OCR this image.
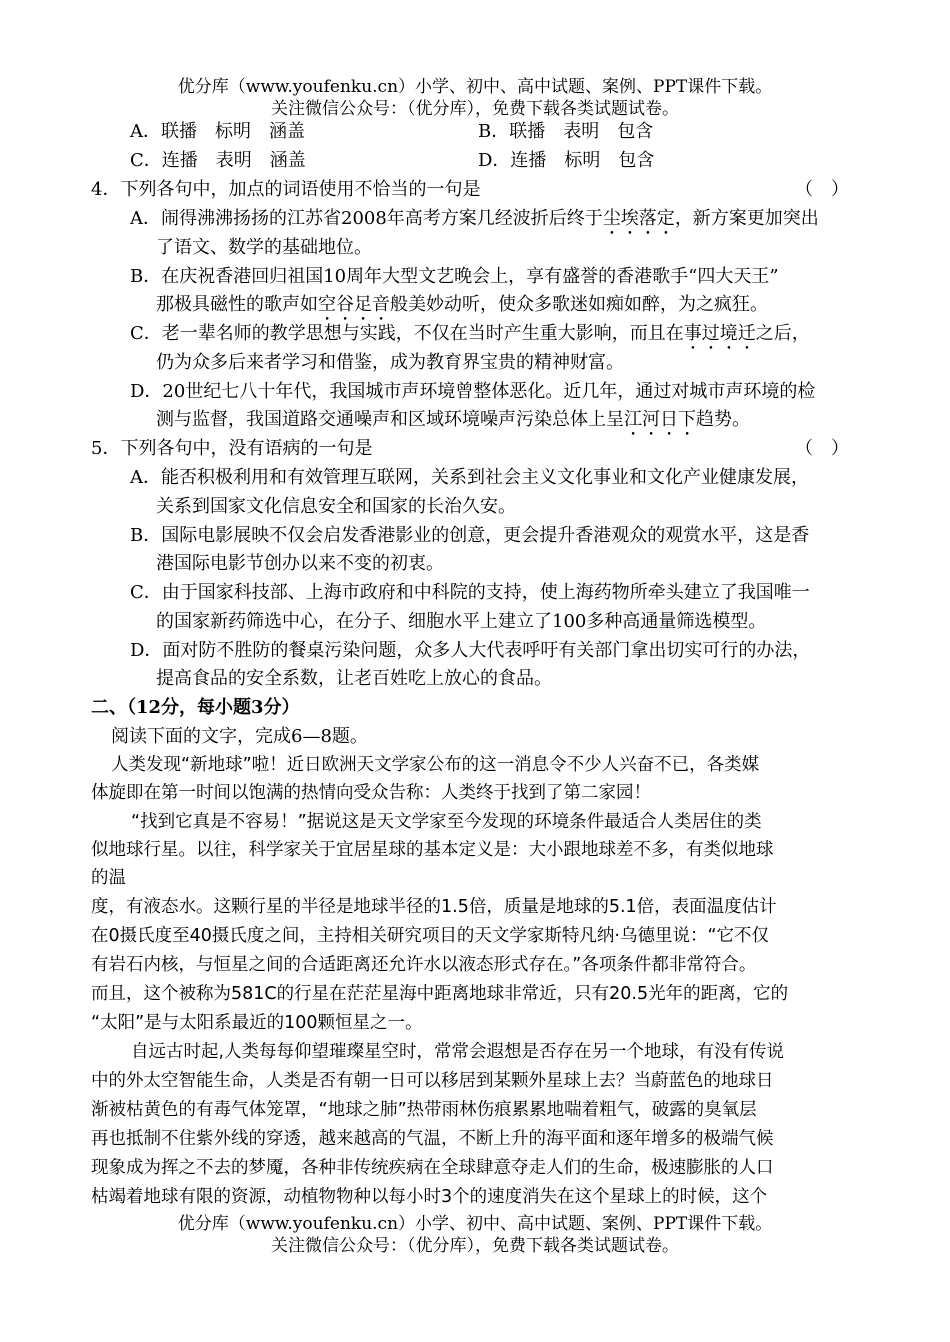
优分库（www.youfenku.cn）小学、初中、高中试题、案例、PPT课件下载。
关注微信公众号：（优分库），免费下载各类试题试卷。
A．联播　标明　涵盖	B．联播　表明　包含
C．连播　表明　涵盖	D．连播　标明　包含
4．下列各句中，加点的词语使用不恰当的一句是	（　）
A．闹得沸沸扬扬的江苏省2008年高考方案几经波折后终于尘埃落定，新方案更加突出
了语文、数学的基础地位。
B．在庆祝香港回归祖国10周年大型文艺晚会上，享有盛誉的香港歌手“四大天王”
那极具磁性的歌声如空谷足音般美妙动听，使众多歌迷如痴如醉，为之疯狂。
C．老一辈名师的教学思想与实践，不仅在当时产生重大影响，而且在事过境迁之后，
仍为众多后来者学习和借鉴，成为教育界宝贵的精神财富。
D．20世纪七八十年代，我国城市声环境曾整体恶化。近几年，通过对城市声环境的检
测与监督，我国道路交通噪声和区域环境噪声污染总体上呈江河日下趋势。
5．下列各句中，没有语病的一句是	（　）
A．能否积极利用和有效管理互联网，关系到社会主义文化事业和文化产业健康发展，
关系到国家文化信息安全和国家的长治久安。
B．国际电影展映不仅会启发香港影业的创意，更会提升香港观众的观赏水平，这是香
港国际电影节创办以来不变的初衷。
C．由于国家科技部、上海市政府和中科院的支持，使上海药物所牵头建立了我国唯一
的国家新药筛选中心，在分子、细胞水平上建立了100多种高通量筛选模型。
D．面对防不胜防的餐桌污染问题，众多人大代表呼吁有关部门拿出切实可行的办法，
提高食品的安全系数，让老百姓吃上放心的食品。
二、（12分，每小题3分）
阅读下面的文字，完成6—8题。
人类发现“新地球”啦！近日欧洲天文学家公布的这一消息令不少人兴奋不已，各类媒
体旋即在第一时间以饱满的热情向受众告称：人类终于找到了第二家园！
“找到它真是不容易！”据说这是天文学家至今发现的环境条件最适合人类居住的类
似地球行星。以往，科学家关于宜居星球的基本定义是：大小跟地球差不多，有类似地球
的温
度，有液态水。这颗行星的半径是地球半径的1.5倍，质量是地球的5.1倍，表面温度估计
在0摄氏度至40摄氏度之间，主持相关研究项目的天文学家斯特凡纳·乌德里说：“它不仅
有岩石内核，与恒星之间的合适距离还允许水以液态形式存在。”各项条件都非常符合。
而且，这个被称为581C的行星在茫茫星海中距离地球非常近，只有20.5光年的距离，它的
“太阳”是与太阳系最近的100颗恒星之一。
自远古时起,人类每每仰望璀璨星空时，常常会遐想是否存在另一个地球，有没有传说
中的外太空智能生命，人类是否有朝一日可以移居到某颗外星球上去？当蔚蓝色的地球日
渐被枯黄色的有毒气体笼罩，“地球之肺”热带雨林伤痕累累地喘着粗气，破露的臭氧层
再也抵制不住紫外线的穿透，越来越高的气温，不断上升的海平面和逐年增多的极端气候
现象成为挥之不去的梦魇，各种非传统疾病在全球肆意夺走人们的生命，极速膨胀的人口
枯竭着地球有限的资源，动植物物种以每小时3个的速度消失在这个星球上的时候，这个
优分库（www.youfenku.cn）小学、初中、高中试题、案例、PPT课件下载。
关注微信公众号：（优分库），免费下载各类试题试卷。
